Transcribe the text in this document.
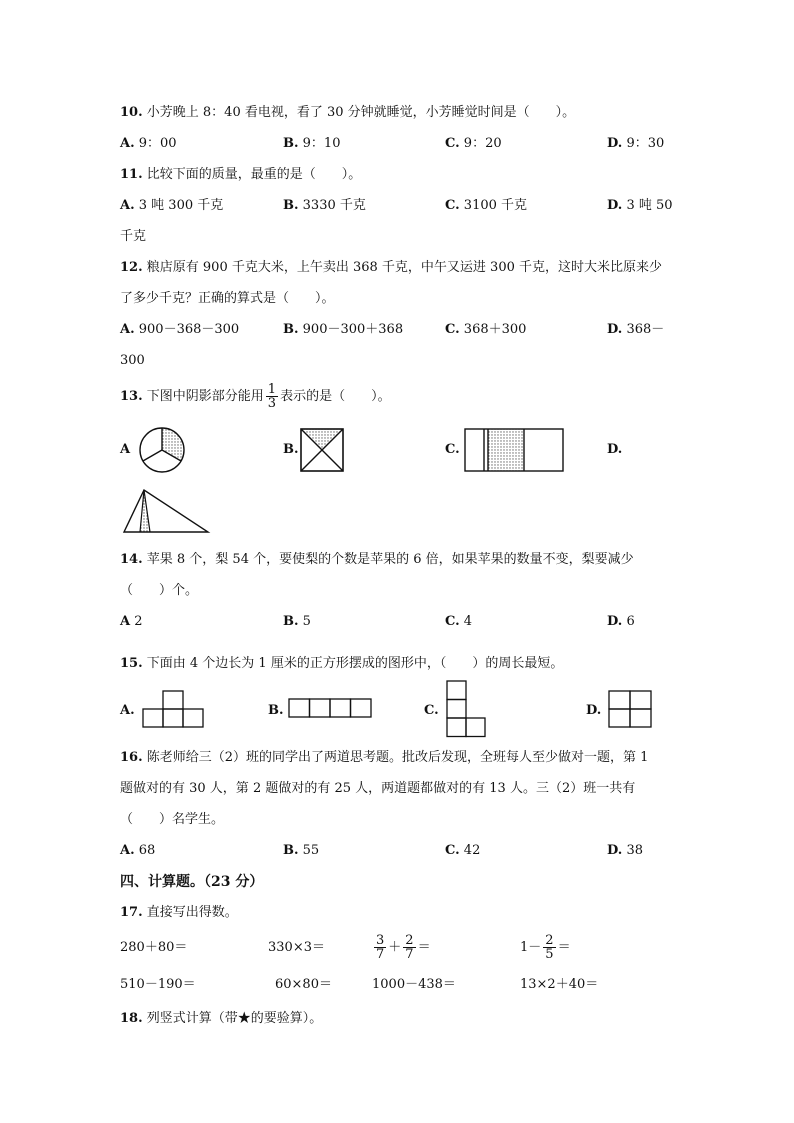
10. 小芳晚上 8：40 看电视，看了 30 分钟就睡觉，小芳睡觉时间是（　　）。
A. 9：00	B. 9：10	C. 9：20	D. 9：30
11. 比较下面的质量，最重的是（　　）。
A. 3 吨 300 千克	B. 3330 千克	C. 3100 千克	D. 3 吨 50
千克
12. 粮店原有 900 千克大米，上午卖出 368 千克，中午又运进 300 千克，这时大米比原来少
了多少千克？正确的算式是（　　）。
A. 900－368－300	B. 900－300＋368	C. 368＋300	D. 368－
300
13. 下图中阴影部分能用 $\frac{1}{3}$ 表示的是（　　）。
A	B.	C.	D.
14. 苹果 8 个，梨 54 个，要使梨的个数是苹果的 6 倍，如果苹果的数量不变，梨要减少
（　　）个。
A 2	B. 5	C. 4	D. 6
15. 下面由 4 个边长为 1 厘米的正方形摆成的图形中，（　　）的周长最短。
A.	B.	C.	D.
16. 陈老师给三（2）班的同学出了两道思考题。批改后发现，全班每人至少做对一题，第 1
题做对的有 30 人，第 2 题做对的有 25 人，两道题都做对的有 13 人。三（2）班一共有
（　　）名学生。
A. 68	B. 55	C. 42	D. 38
四、计算题。（23 分）
17. 直接写出得数。
280＋80＝	330×3＝	$\frac{3}{7} + \frac{2}{7}$ ＝	$1- \frac{2}{5}$ ＝
510－190＝	60×80＝	1000－438＝	13×2＋40＝
18. 列竖式计算（带★的要验算）。
